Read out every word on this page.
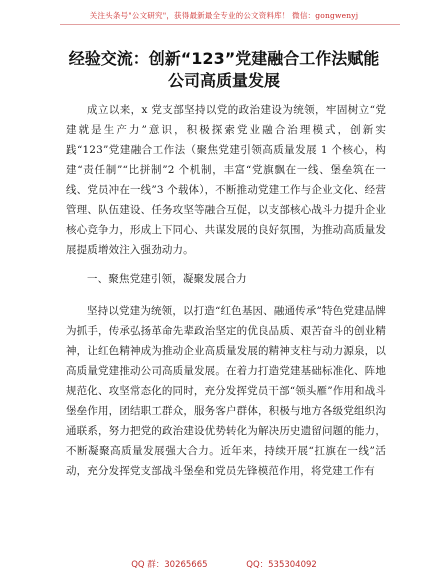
关注头条号"公文研究"，获得最新最全专业的公文资料库！ 微信：gongwenyj
经验交流：创新“123”党建融合工作法赋能公司高质量发展

成立以来，x 党支部坚持以党的政治建设为统领，牢固树立“党建就是生产力”意识，积极探索党业融合治理模式，创新实践“123”党建融合工作法（聚焦党建引领高质量发展 1 个核心，构建“责任制”“比拼制”2 个机制，丰富“党旗飘在一线、堡垒筑在一线、党员冲在一线”3 个载体），不断推动党建工作与企业文化、经营管理、队伍建设、任务攻坚等融合互促，以支部核心战斗力提升企业核心竞争力，形成上下同心、共谋发展的良好氛围，为推动高质量发展提质增效注入强劲动力。

一、聚焦党建引领，凝聚发展合力

坚持以党建为统领，以打造“红色基因、融通传承”特色党建品牌为抓手，传承弘扬革命先辈政治坚定的优良品质、艰苦奋斗的创业精神，让红色精神成为推动企业高质量发展的精神支柱与动力源泉，以高质量党建推动公司高质量发展。在着力打造党建基础标准化、阵地规范化、攻坚常态化的同时，充分发挥党员干部“领头雁”作用和战斗堡垒作用，团结职工群众，服务客户群体，积极与地方各级党组织沟通联系，努力把党的政治建设优势转化为解决历史遗留问题的能力，不断凝聚高质量发展强大合力。近年来，持续开展“扛旗在一线”活动，充分发挥党支部战斗堡垒和党员先锋模范作用，将党建工作有

QQ 群：30265665	QQ：535304092
